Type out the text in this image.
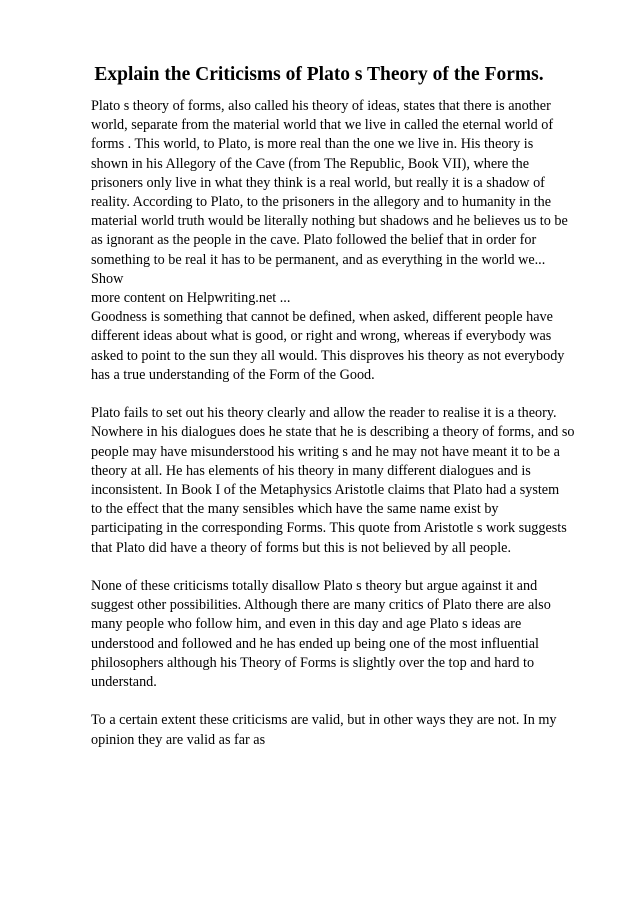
Explain the Criticisms of Plato s Theory of the Forms.

Plato s theory of forms, also called his theory of ideas, states that there is another
world, separate from the material world that we live in called the eternal world of
forms . This world, to Plato, is more real than the one we live in. His theory is
shown in his Allegory of the Cave (from The Republic, Book VII), where the
prisoners only live in what they think is a real world, but really it is a shadow of
reality. According to Plato, to the prisoners in the allegory and to humanity in the
material world truth would be literally nothing but shadows and he believes us to be
as ignorant as the people in the cave. Plato followed the belief that in order for
something to be real it has to be permanent, and as everything in the world we... Show
more content on Helpwriting.net ...
Goodness is something that cannot be defined, when asked, different people have
different ideas about what is good, or right and wrong, whereas if everybody was
asked to point to the sun they all would. This disproves his theory as not everybody
has a true understanding of the Form of the Good.

Plato fails to set out his theory clearly and allow the reader to realise it is a theory.
Nowhere in his dialogues does he state that he is describing a theory of forms, and so
people may have misunderstood his writing s and he may not have meant it to be a
theory at all. He has elements of his theory in many different dialogues and is
inconsistent. In Book I of the Metaphysics Aristotle claims that Plato had a system
to the effect that the many sensibles which have the same name exist by
participating in the corresponding Forms. This quote from Aristotle s work suggests
that Plato did have a theory of forms but this is not believed by all people.

None of these criticisms totally disallow Plato s theory but argue against it and
suggest other possibilities. Although there are many critics of Plato there are also
many people who follow him, and even in this day and age Plato s ideas are
understood and followed and he has ended up being one of the most influential
philosophers although his Theory of Forms is slightly over the top and hard to
understand.

To a certain extent these criticisms are valid, but in other ways they are not. In my
opinion they are valid as far as
